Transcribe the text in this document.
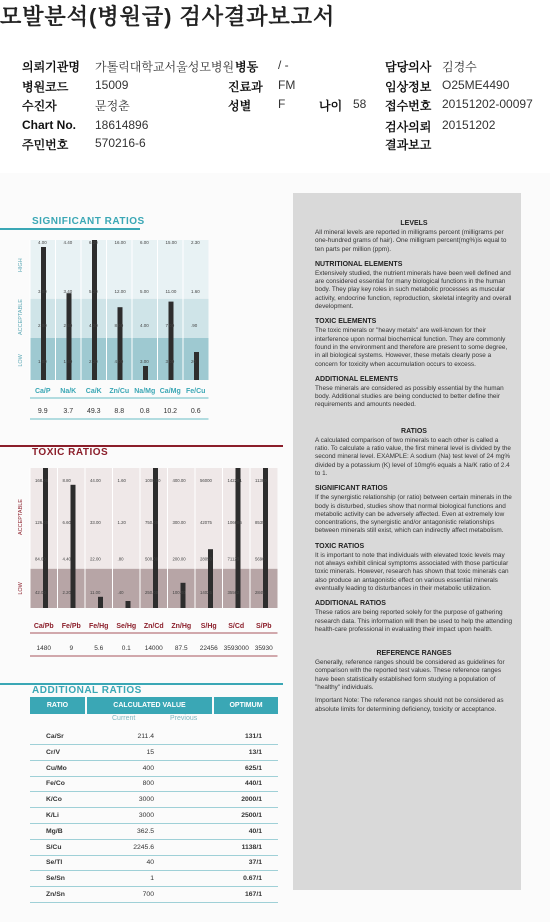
모발분석(병원급) 검사결과보고서
의뢰기관명 가톨릭대학교서울성모병원 병동 / -	담당의사 김경수
병원코드 15009	진료과 FM	임상정보 O25ME4490
수진자	문정춘	성별 F	나이 58 접수번호 20151202-00097
Chart No. 18614896	검사의뢰 20151202
주민번호 570216-6	결과보고
SIGNIFICANT RATIOS
HIGH
ACCEPTABLE
LOW
4.00
3.00
2.00
1.00
Ca/P
9.9
4.40
3.40
2.40
1.40
Na/K
3.7
6.20
5.20
4.20
2.20
Ca/K
49.3
16.00
12.00
8.00
4.00
Zn/Cu
8.8
6.00
5.00
4.00
3.00
Na/Mg
0.8
15.00
11.00
7.00
3.00
Ca/Mg
10.2
2.30
1.60
.90
20
Fe/Cu
0.6
TOXIC RATIOS
ACCEPTABLE
LOW
168.00
126.00
84.00
42.00
Ca/Pb
1480
8.80
6.60
4.40
2.20
Fe/Pb
9
44.00
33.00
22.00
11.00
Fe/Hg
5.6
1.60
1.20
.80
.40
Se/Hg
0.1
1000.00
750.00
500.00
250.00
Zn/Cd
14000
400.00
300.00
200.00
100.00
Zn/Hg
87.5
56000
42075
28050
14025
S/Hg
22456
142281
106686
71123
35562
S/Cd
3593000
11380
8535
5690
2845
S/Pb
35930
ADDITIONAL RATIOS
RATIO	CALCULATED VALUE	OPTIMUM
Current	Previous
Ca/Sr	211.4	131/1
Cr/V	15	13/1
Cu/Mo	400	625/1
Fe/Co	800	440/1
K/Co	3000	2000/1
K/Li	3000	2500/1
Mg/B	362.5	40/1
S/Cu	2245.6	1138/1
Se/Tl	40	37/1
Se/Sn	1	0.67/1
Zn/Sn	700	167/1
LEVELS

All mineral levels are reported in milligrams percent (milligrams per one-hundred grams of hair). One milligram percent(mg%)is equal to ten parts per million (ppm).

NUTRITIONAL ELEMENTS

Extensively studied, the nutrient minerals have been well defined and are considered essential for many biological functions in the human body. They play key roles in such metabolic processes as muscular activity, endocrine function, reproduction, skeletal integrity and overall development.

TOXIC ELEMENTS

The toxic minerals or "heavy metals" are well-known for their interference upon normal biochemical function. They are commonly found in the environment and therefore are present to some degree, in all biological systems. However, these metals clearly pose a concern for toxicity when accumulation occurs to excess.

ADDITIONAL ELEMENTS

These minerals are considered as possibly essential by the human body. Additional studies are being conducted to better define their requirements and amounts needed.

RATIOS

A calculated comparison of two minerals to each other is called a ratio. To calculate a ratio value, the first mineral level is divided by the second mineral level. EXAMPLE: A sodium (Na) test level of 24 mg% divided by a potassium (K) level of 10mg% equals a Na/K ratio of 2.4 to 1.

SIGNIFICANT RATIOS

If the synergistic relationship (or ratio) between certain minerals in the body is disturbed, studies show that normal biological functions and metabolic activity can be adversely affected. Even at extremely low concentrations, the synergistic and/or antagonistic relationships between minerals still exist, which can indirectly affect metabolism.

TOXIC RATIOS

It is important to note that individuals with elevated toxic levels may not always exhibit clinical symptoms associated with those particular toxic minerals. However, research has shown that toxic minerals can also produce an antagonistic effect on various essential minerals eventually leading to disturbances in their metabolic utilization.

ADDITIONAL RATIOS

These ratios are being reported solely for the purpose of gathering research data. This information will then be used to help the attending health-care professional in evaluating their impact upon health.

REFERENCE RANGES

Generally, reference ranges should be considered as guidelines for comparison with the reported test values. These reference ranges have been statistically established form studying a population of "healthy" individuals.

Important Note: The reference ranges should not be considered as absolute limits for determining deficiency, toxicity or acceptance.
